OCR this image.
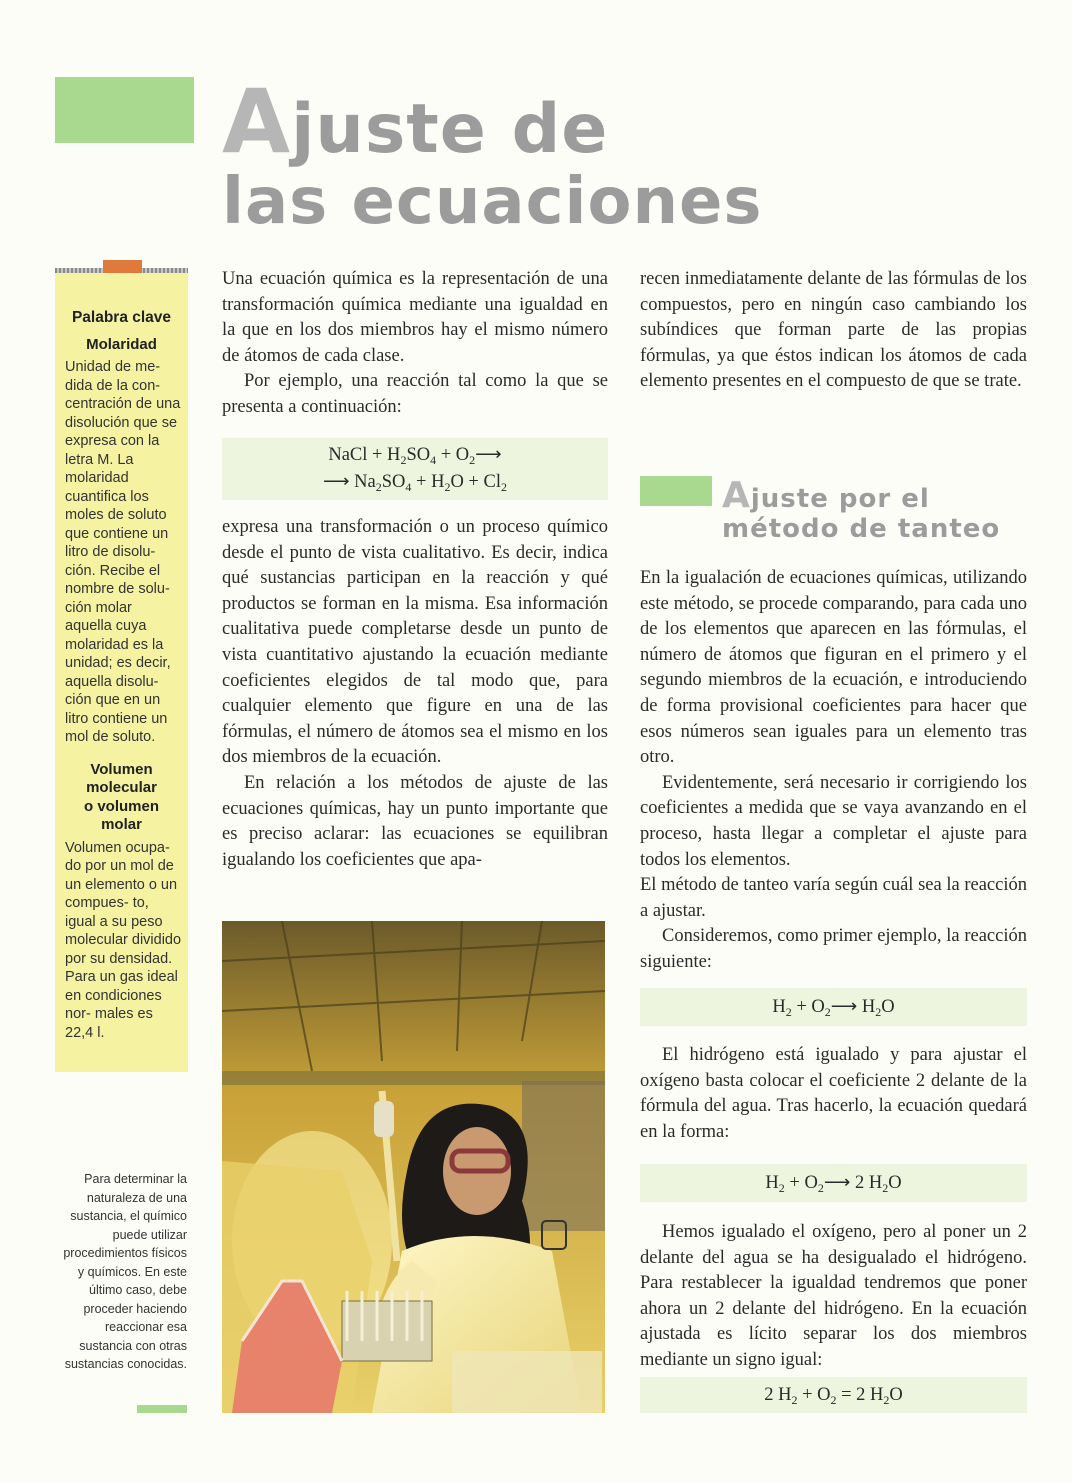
Ajuste de
las ecuaciones
Palabra clave
Molaridad
Unidad de me- dida de la con- centración de una disolución que se expresa con la letra M. La molaridad cuantifica los moles de soluto que contiene un litro de disolu- ción. Recibe el nombre de solu- ción molar aquella cuya molaridad es la unidad; es decir, aquella disolu- ción que en un litro contiene un mol de soluto.
Volumen molecular o volumen molar
Volumen ocupa- do por un mol de un elemento o un compues- to, igual a su peso molecular dividido por su densidad. Para un gas ideal en condiciones nor- males es 22,4 l.
Para determinar la naturaleza de una sustancia, el químico puede utilizar procedimientos físicos y químicos. En este último caso, debe proceder haciendo reaccionar esa sustancia con otras sustancias conocidas.

Una ecuación química es la representación de una transformación química mediante una igualdad en la que en los dos miembros hay el mismo número de átomos de cada clase.

Por ejemplo, una reacción tal como la que se presenta a continuación:

NaCl + $H_2SO_4$ + $O_2⟶$
⟶ $Na_2SO_4 + H_2O + Cl_2$

expresa una transformación o un proceso químico desde el punto de vista cualitativo. Es decir, indica qué sustancias participan en la reacción y qué productos se forman en la misma. Esa información cualitativa puede completarse desde un punto de vista cuantitativo ajustando la ecuación mediante coeficientes elegidos de tal modo que, para cualquier elemento que figure en una de las fórmulas, el número de átomos sea el mismo en los dos miembros de la ecuación.

En relación a los métodos de ajuste de las ecuaciones químicas, hay un punto importante que es preciso aclarar: las ecuaciones se equilibran igualando los coeficientes que apa-

recen inmediatamente delante de las fórmulas de los compuestos, pero en ningún caso cambiando los subíndices que forman parte de las propias fórmulas, ya que éstos indican los átomos de cada elemento presentes en el compuesto de que se trate.

Ajuste por el
método de tanteo

En la igualación de ecuaciones químicas, utilizando este método, se procede comparando, para cada uno de los elementos que aparecen en las fórmulas, el número de átomos que figuran en el primero y el segundo miembros de la ecuación, e introduciendo de forma provisional coeficientes para hacer que esos números sean iguales para un elemento tras otro.

Evidentemente, será necesario ir corrigiendo los coeficientes a medida que se vaya avanzando en el proceso, hasta llegar a completar el ajuste para todos los elementos.

El método de tanteo varía según cuál sea la reacción a ajustar.

Consideremos, como primer ejemplo, la reacción siguiente:

$H_2$ + $O_2⟶$ $H_2O$

El hidrógeno está igualado y para ajustar el oxígeno basta colocar el coeficiente 2 delante de la fórmula del agua. Tras hacerlo, la ecuación quedará en la forma:

$H_2$ + $O_2⟶$ 2 $H_2O$

Hemos igualado el oxígeno, pero al poner un 2 delante del agua se ha desigualado el hidrógeno. Para restablecer la igualdad tendremos que poner ahora un 2 delante del hidrógeno. En la ecuación ajustada es lícito separar los dos miembros mediante un signo igual:

2 $H_2 + O_2 = 2$ $H_2O$
